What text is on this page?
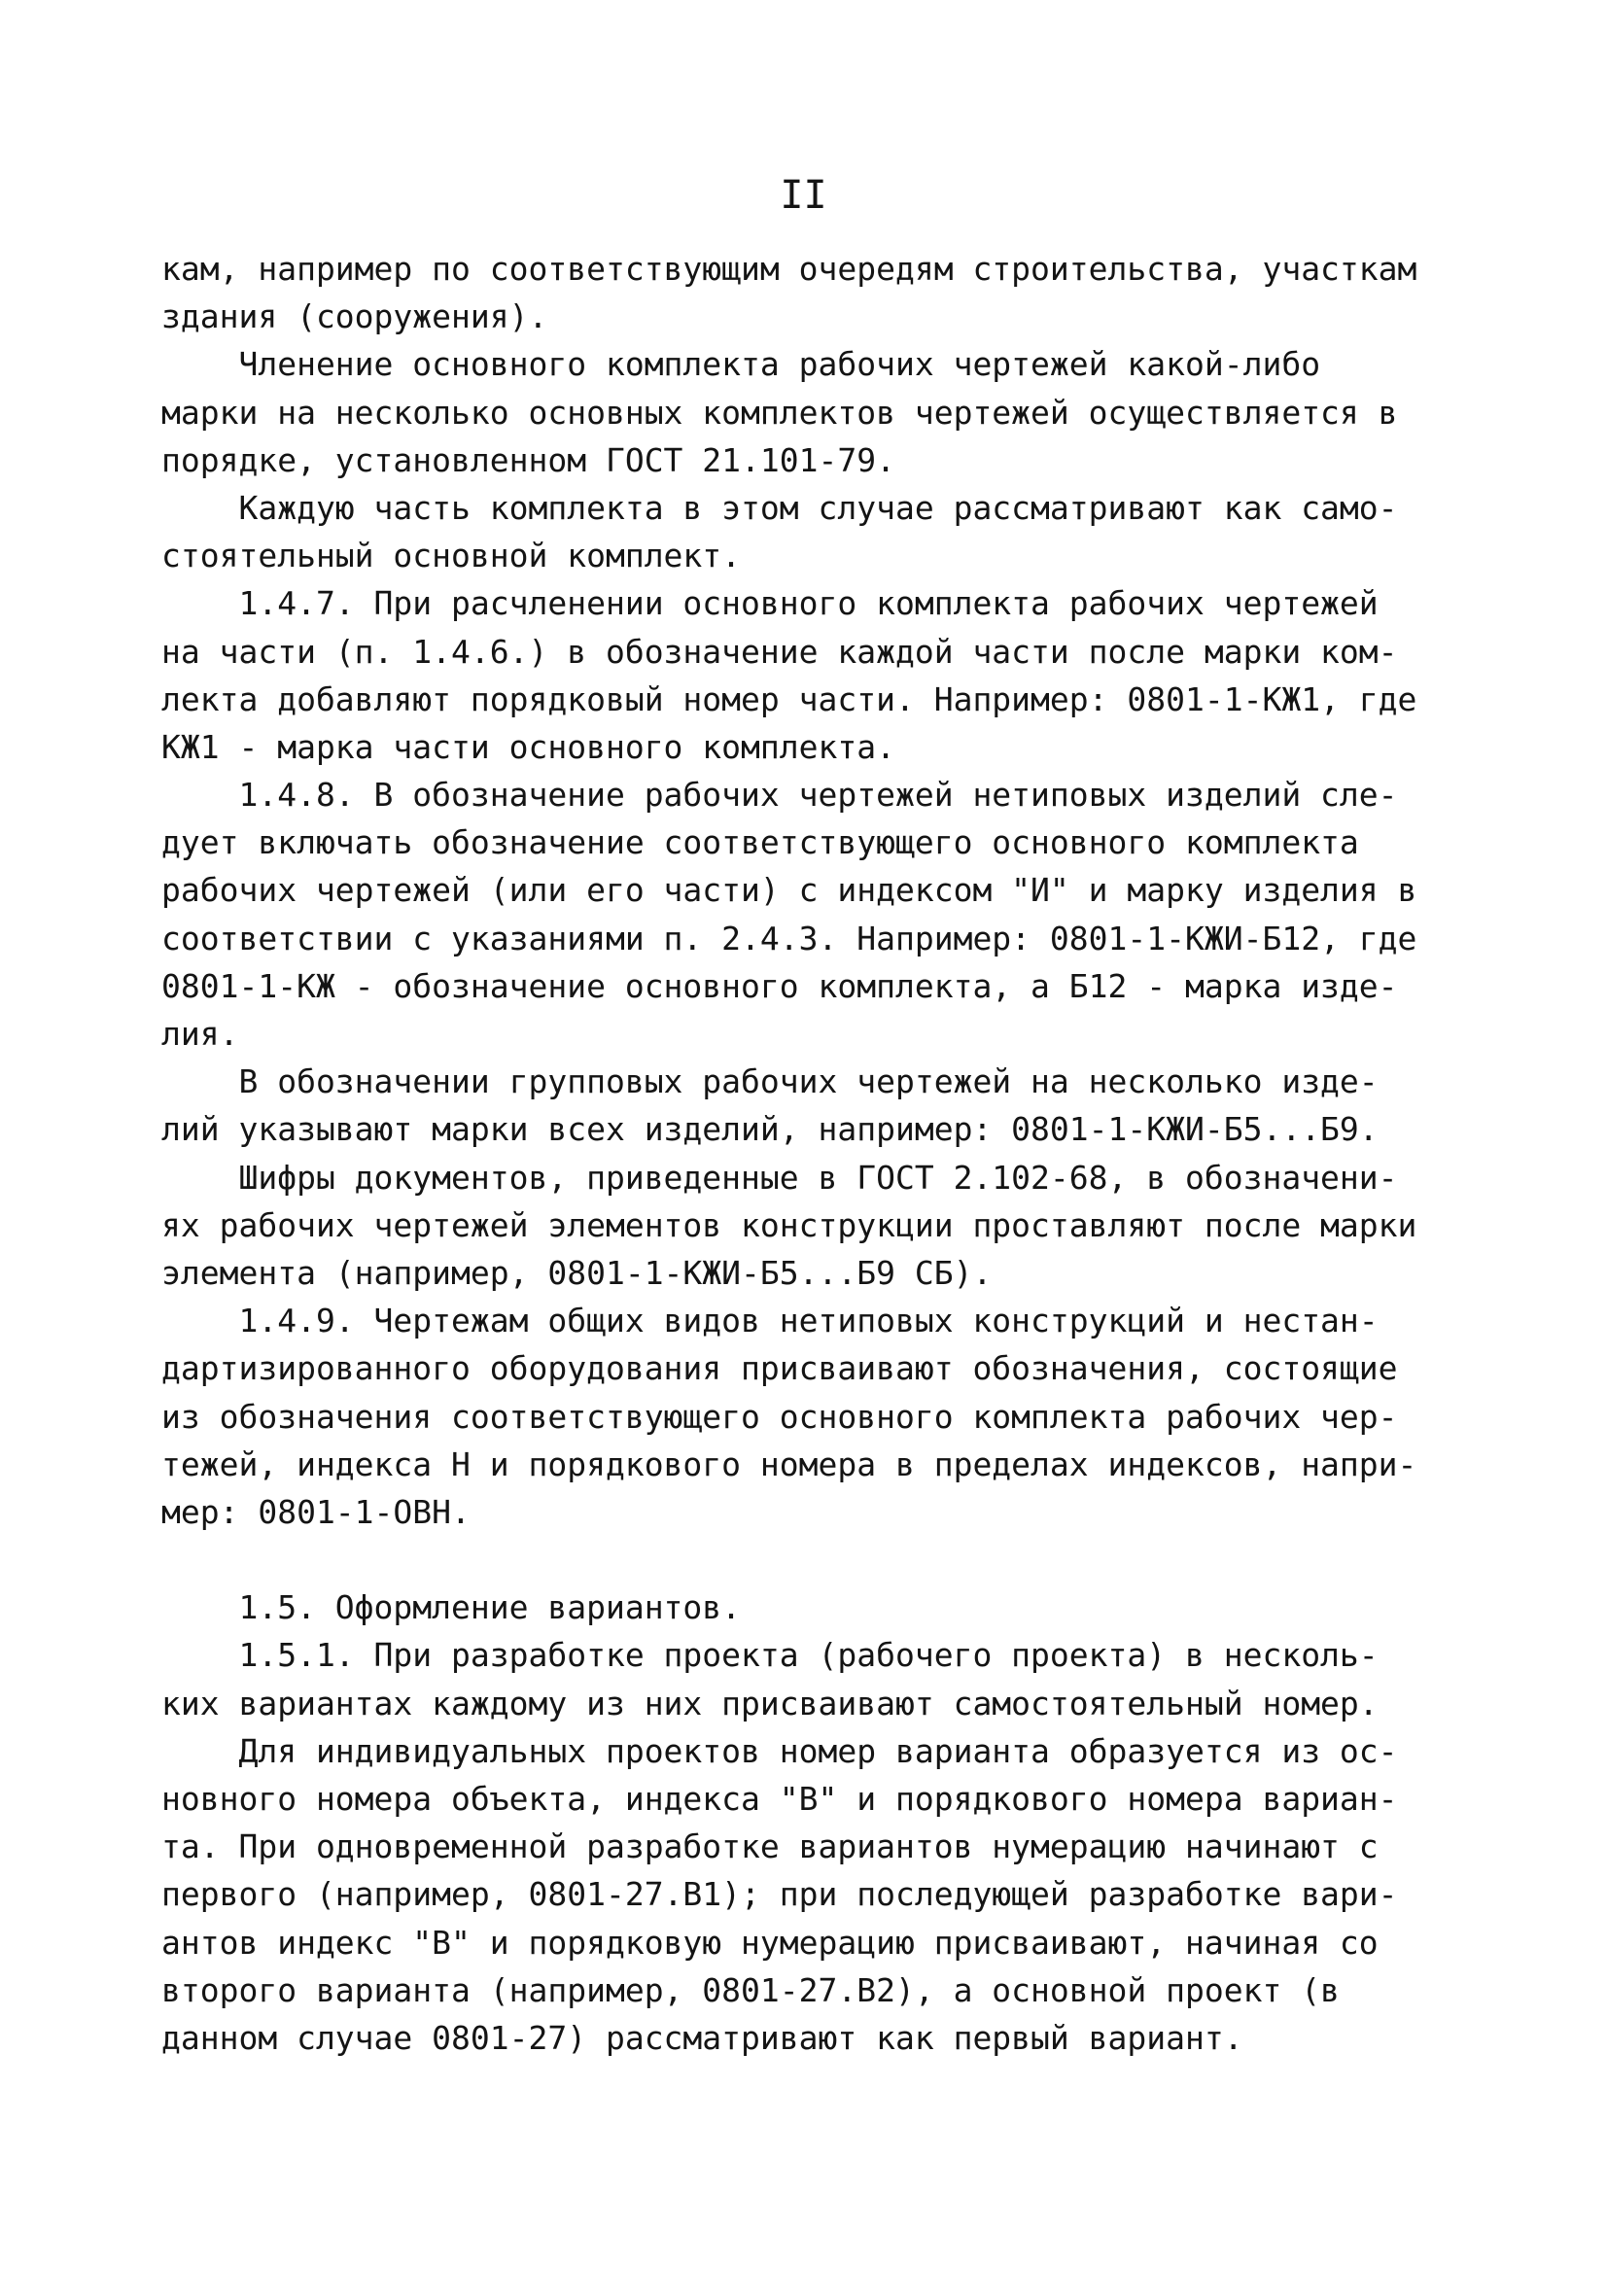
II
кам, например по соответствующим очередям строительства, участкам
здания (сооружения).
Членение основного комплекта рабочих чертежей какой-либо
марки на несколько основных комплектов чертежей осуществляется в
порядке, установленном ГОСТ 21.101-79.
Каждую часть комплекта в этом случае рассматривают как само-
стоятельный основной комплект.
1.4.7. При расчленении основного комплекта рабочих чертежей
на части (п. 1.4.6.) в обозначение каждой части после марки ком-
лекта добавляют порядковый номер части. Например: 0801-1-КЖ1, где
КЖ1 - марка части основного комплекта.
1.4.8. В обозначение рабочих чертежей нетиповых изделий сле-
дует включать обозначение соответствующего основного комплекта
рабочих чертежей (или его части) с индексом "И" и марку изделия в
соответствии с указаниями п. 2.4.3. Например: 0801-1-КЖИ-Б12, где
0801-1-КЖ - обозначение основного комплекта, а Б12 - марка изде-
лия.
В обозначении групповых рабочих чертежей на несколько изде-
лий указывают марки всех изделий, например: 0801-1-КЖИ-Б5...Б9.
Шифры документов, приведенные в ГОСТ 2.102-68, в обозначени-
ях рабочих чертежей элементов конструкции проставляют после марки
элемента (например, 0801-1-КЖИ-Б5...Б9 СБ).
1.4.9. Чертежам общих видов нетиповых конструкций и нестан-
дартизированного оборудования присваивают обозначения, состоящие
из обозначения соответствующего основного комплекта рабочих чер-
тежей, индекса Н и порядкового номера в пределах индексов, напри-
мер: 0801-1-ОВН.
1.5. Оформление вариантов.
1.5.1. При разработке проекта (рабочего проекта) в несколь-
ких вариантах каждому из них присваивают самостоятельный номер.
Для индивидуальных проектов номер варианта образуется из ос-
новного номера объекта, индекса "В" и порядкового номера вариан-
та. При одновременной разработке вариантов нумерацию начинают с
первого (например, 0801-27.В1); при последующей разработке вари-
антов индекс "В" и порядковую нумерацию присваивают, начиная со
второго варианта (например, 0801-27.В2), а основной проект (в
данном случае 0801-27) рассматривают как первый вариант.
